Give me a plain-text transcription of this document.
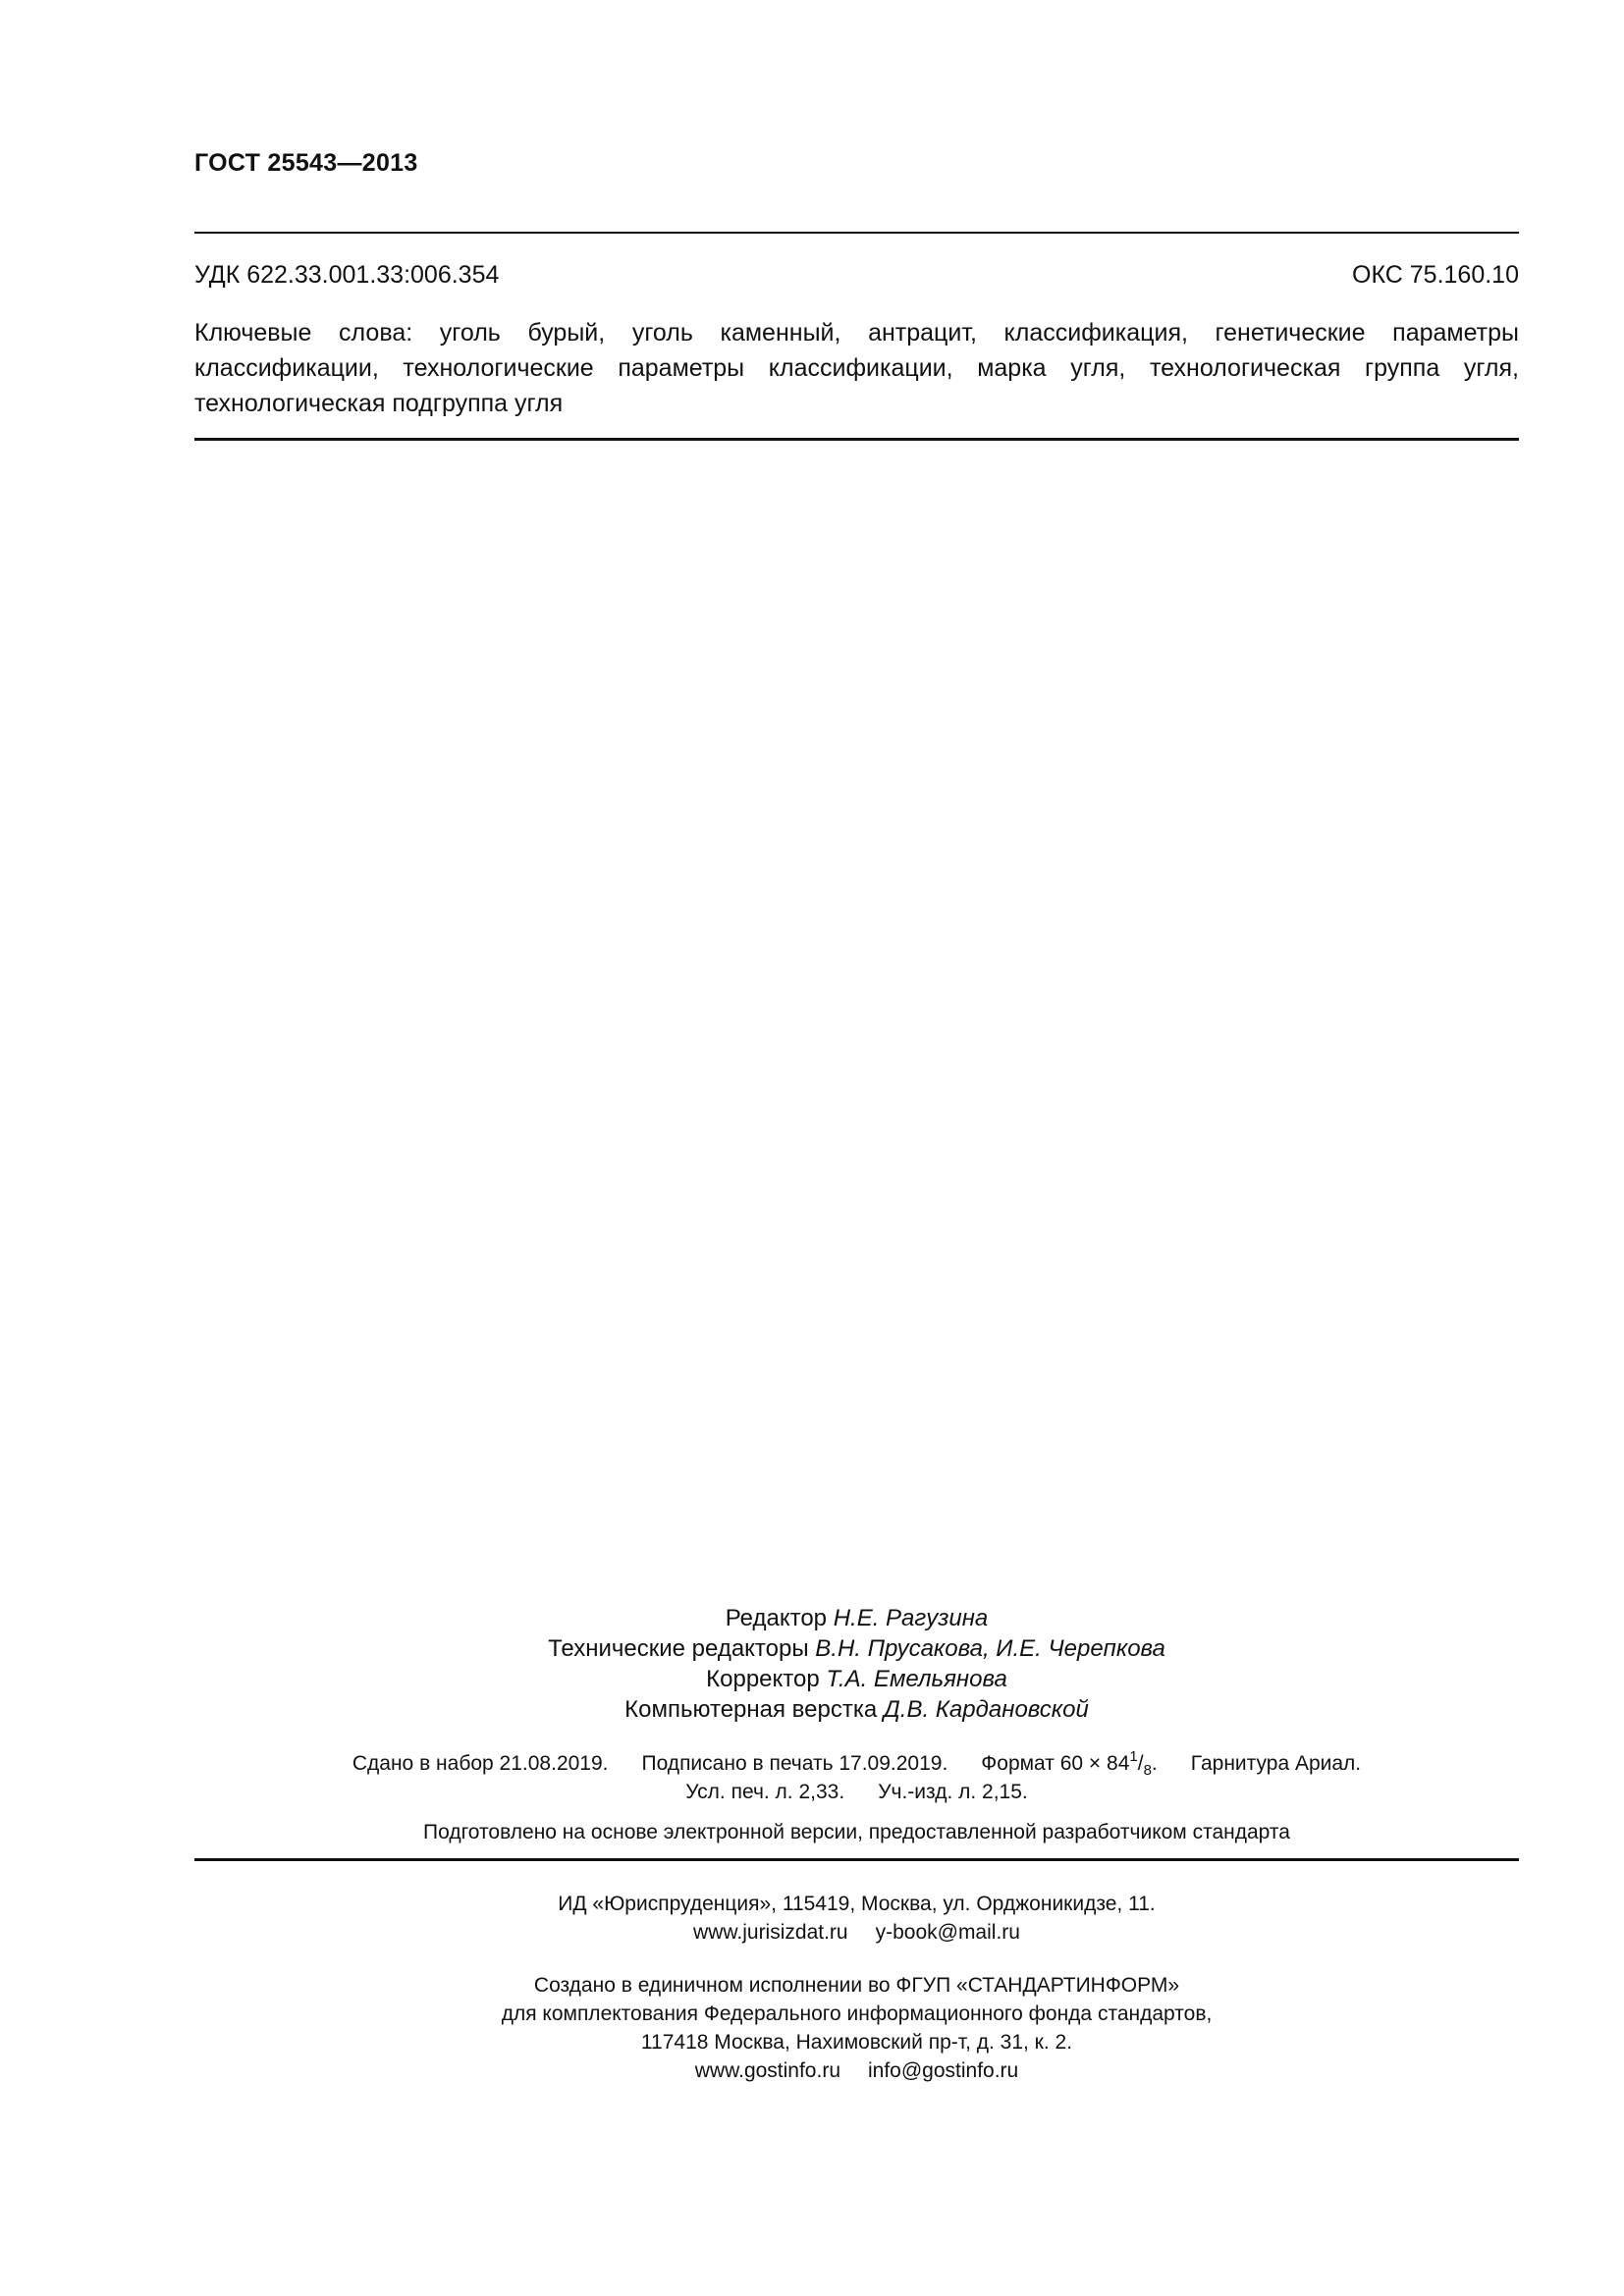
ГОСТ 25543—2013
УДК 622.33.001.33:006.354	ОКС 75.160.10
Ключевые слова: уголь бурый, уголь каменный, антрацит, классификация, генетические параметры
классификации, технологические параметры классификации, марка угля, технологическая группа угля,
технологическая подгруппа угля
Редактор Н.Е. Рагузина
Технические редакторы В.Н. Прусакова, И.Е. Черепкова
Корректор Т.А. Емельянова
Компьютерная верстка Д.В. Кардановской
Сдано в набор 21.08.2019. Подписано в печать 17.09.2019. Формат $60 \times 84^1/_8$. Гарнитура Ариал.
Усл. печ. л. 2,33. Уч.-изд. л. 2,15.
Подготовлено на основе электронной версии, предоставленной разработчиком стандарта
ИД «Юриспруденция», 115419, Москва, ул. Орджоникидзе, 11.
www.jurisizdat.ru y-book@mail.ru
Создано в единичном исполнении во ФГУП «СТАНДАРТИНФОРМ»
для комплектования Федерального информационного фонда стандартов,
117418 Москва, Нахимовский пр-т, д. 31, к. 2.
www.gostinfo.ru info@gostinfo.ru
